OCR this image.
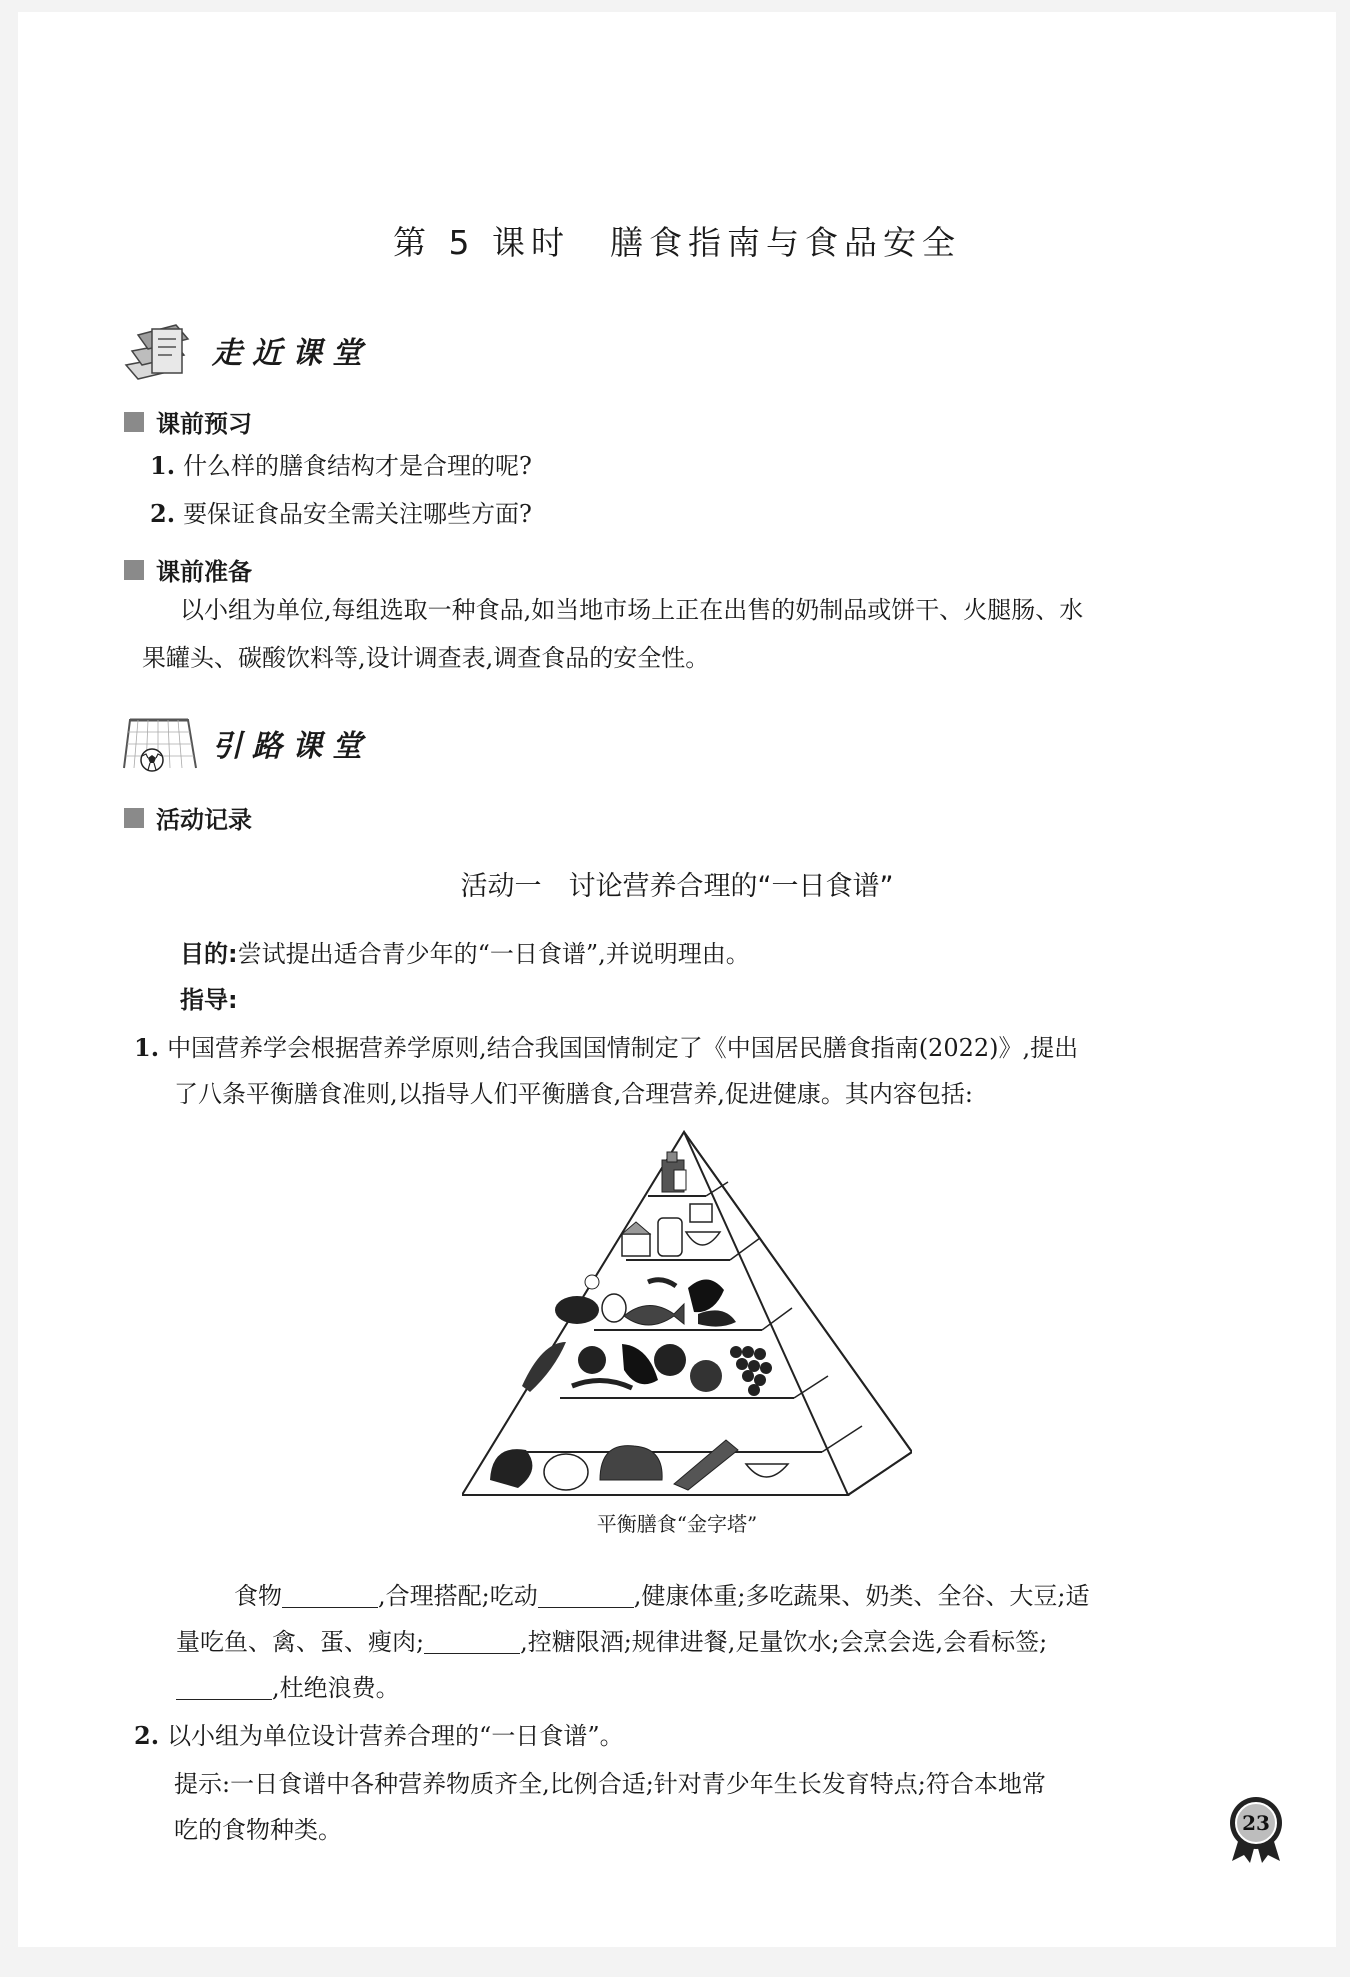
第 5 课时 膳食指南与食品安全
走近课堂
课前预习
1. 什么样的膳食结构才是合理的呢?
2. 要保证食品安全需关注哪些方面?
课前准备
以小组为单位,每组选取一种食品,如当地市场上正在出售的奶制品或饼干、火腿肠、水
果罐头、碳酸饮料等,设计调查表,调查食品的安全性。
引路课堂
活动记录
活动一　讨论营养合理的“一日食谱”
目的:尝试提出适合青少年的“一日食谱”,并说明理由。
指导:
1. 中国营养学会根据营养学原则,结合我国国情制定了《中国居民膳食指南(2022)》,提出
了八条平衡膳食准则,以指导人们平衡膳食,合理营养,促进健康。其内容包括:
平衡膳食“金字塔”
食物	,合理搭配;吃动	,健康体重;多吃蔬果、奶类、全谷、大豆;适
量吃鱼、禽、蛋、瘦肉;	,控糖限酒;规律进餐,足量饮水;会烹会选,会看标签;
,杜绝浪费。
2. 以小组为单位设计营养合理的“一日食谱”。
提示:一日食谱中各种营养物质齐全,比例合适;针对青少年生长发育特点;符合本地常
吃的食物种类。	23
